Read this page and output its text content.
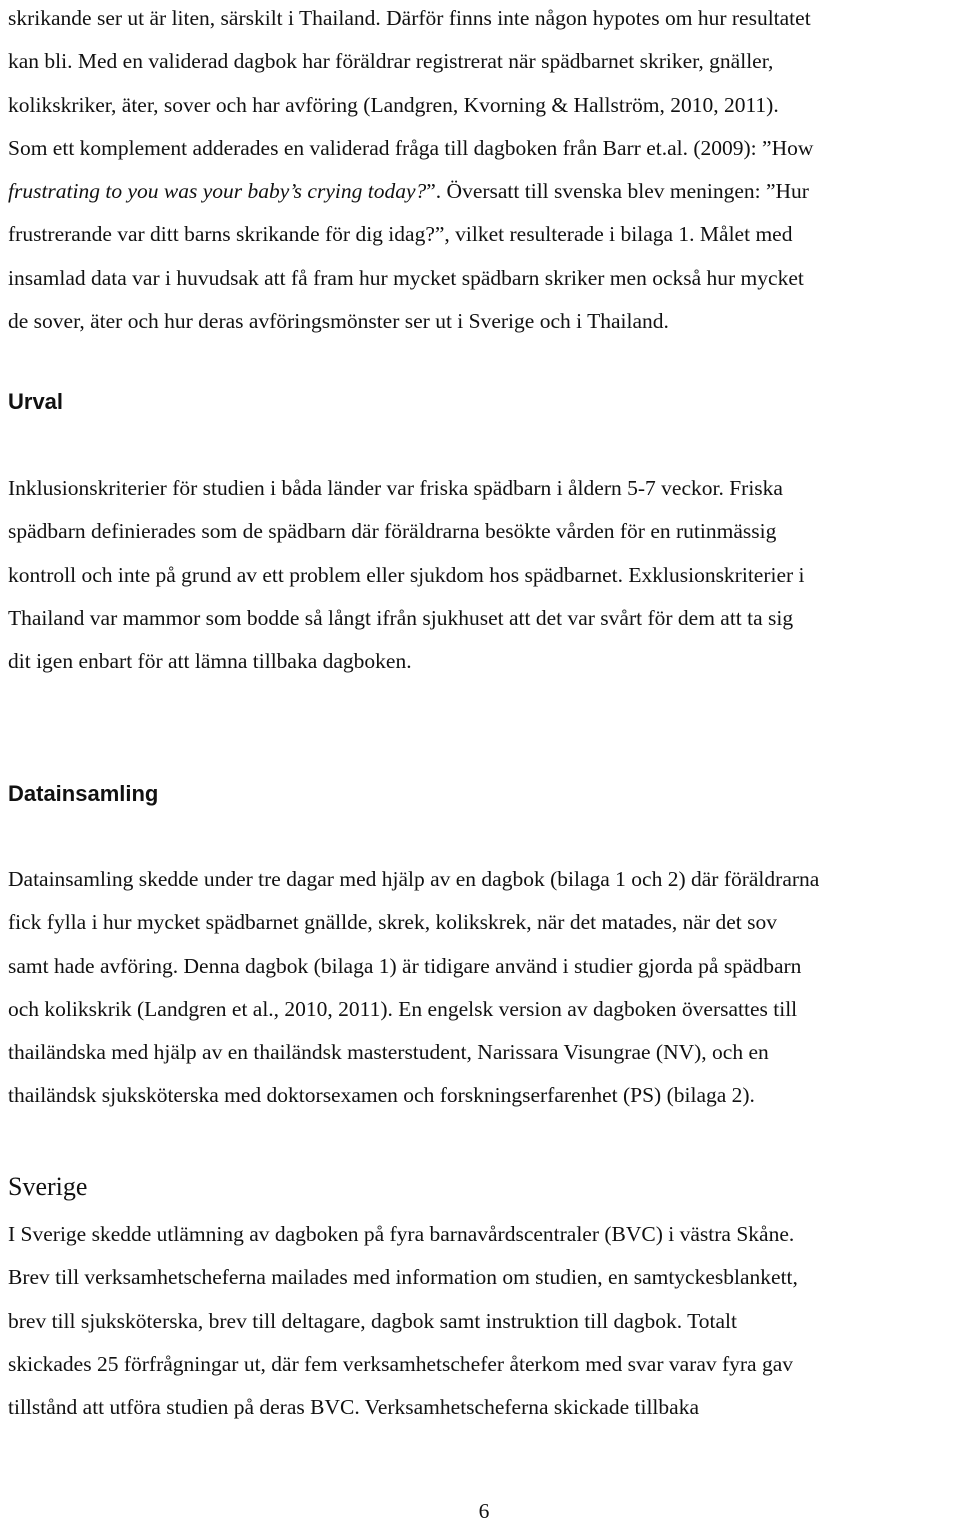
skrikande ser ut är liten, särskilt i Thailand. Därför finns inte någon hypotes om hur resultatet
kan bli. Med en validerad dagbok har föräldrar registrerat när spädbarnet skriker, gnäller,
kolikskriker, äter, sover och har avföring (Landgren, Kvorning & Hallström, 2010, 2011).
Som ett komplement adderades en validerad fråga till dagboken från Barr et.al. (2009): ”How
frustrating to you was your baby’s crying today?”. Översatt till svenska blev meningen: ”Hur
frustrerande var ditt barns skrikande för dig idag?”, vilket resulterade i bilaga 1. Målet med
insamlad data var i huvudsak att få fram hur mycket spädbarn skriker men också hur mycket
de sover, äter och hur deras avföringsmönster ser ut i Sverige och i Thailand.
Urval
Inklusionskriterier för studien i båda länder var friska spädbarn i åldern 5-7 veckor. Friska
spädbarn definierades som de spädbarn där föräldrarna besökte vården för en rutinmässig
kontroll och inte på grund av ett problem eller sjukdom hos spädbarnet. Exklusionskriterier i
Thailand var mammor som bodde så långt ifrån sjukhuset att det var svårt för dem att ta sig
dit igen enbart för att lämna tillbaka dagboken.
Datainsamling
Datainsamling skedde under tre dagar med hjälp av en dagbok (bilaga 1 och 2) där föräldrarna
fick fylla i hur mycket spädbarnet gnällde, skrek, kolikskrek, när det matades, när det sov
samt hade avföring. Denna dagbok (bilaga 1) är tidigare använd i studier gjorda på spädbarn
och kolikskrik (Landgren et al., 2010, 2011). En engelsk version av dagboken översattes till
thailändska med hjälp av en thailändsk masterstudent, Narissara Visungrae (NV), och en
thailändsk sjuksköterska med doktorsexamen och forskningserfarenhet (PS) (bilaga 2).
Sverige
I Sverige skedde utlämning av dagboken på fyra barnavårdscentraler (BVC) i västra Skåne.
Brev till verksamhetscheferna mailades med information om studien, en samtyckesblankett,
brev till sjuksköterska, brev till deltagare, dagbok samt instruktion till dagbok. Totalt
skickades 25 förfrågningar ut, där fem verksamhetschefer återkom med svar varav fyra gav
tillstånd att utföra studien på deras BVC. Verksamhetscheferna skickade tillbaka
6
